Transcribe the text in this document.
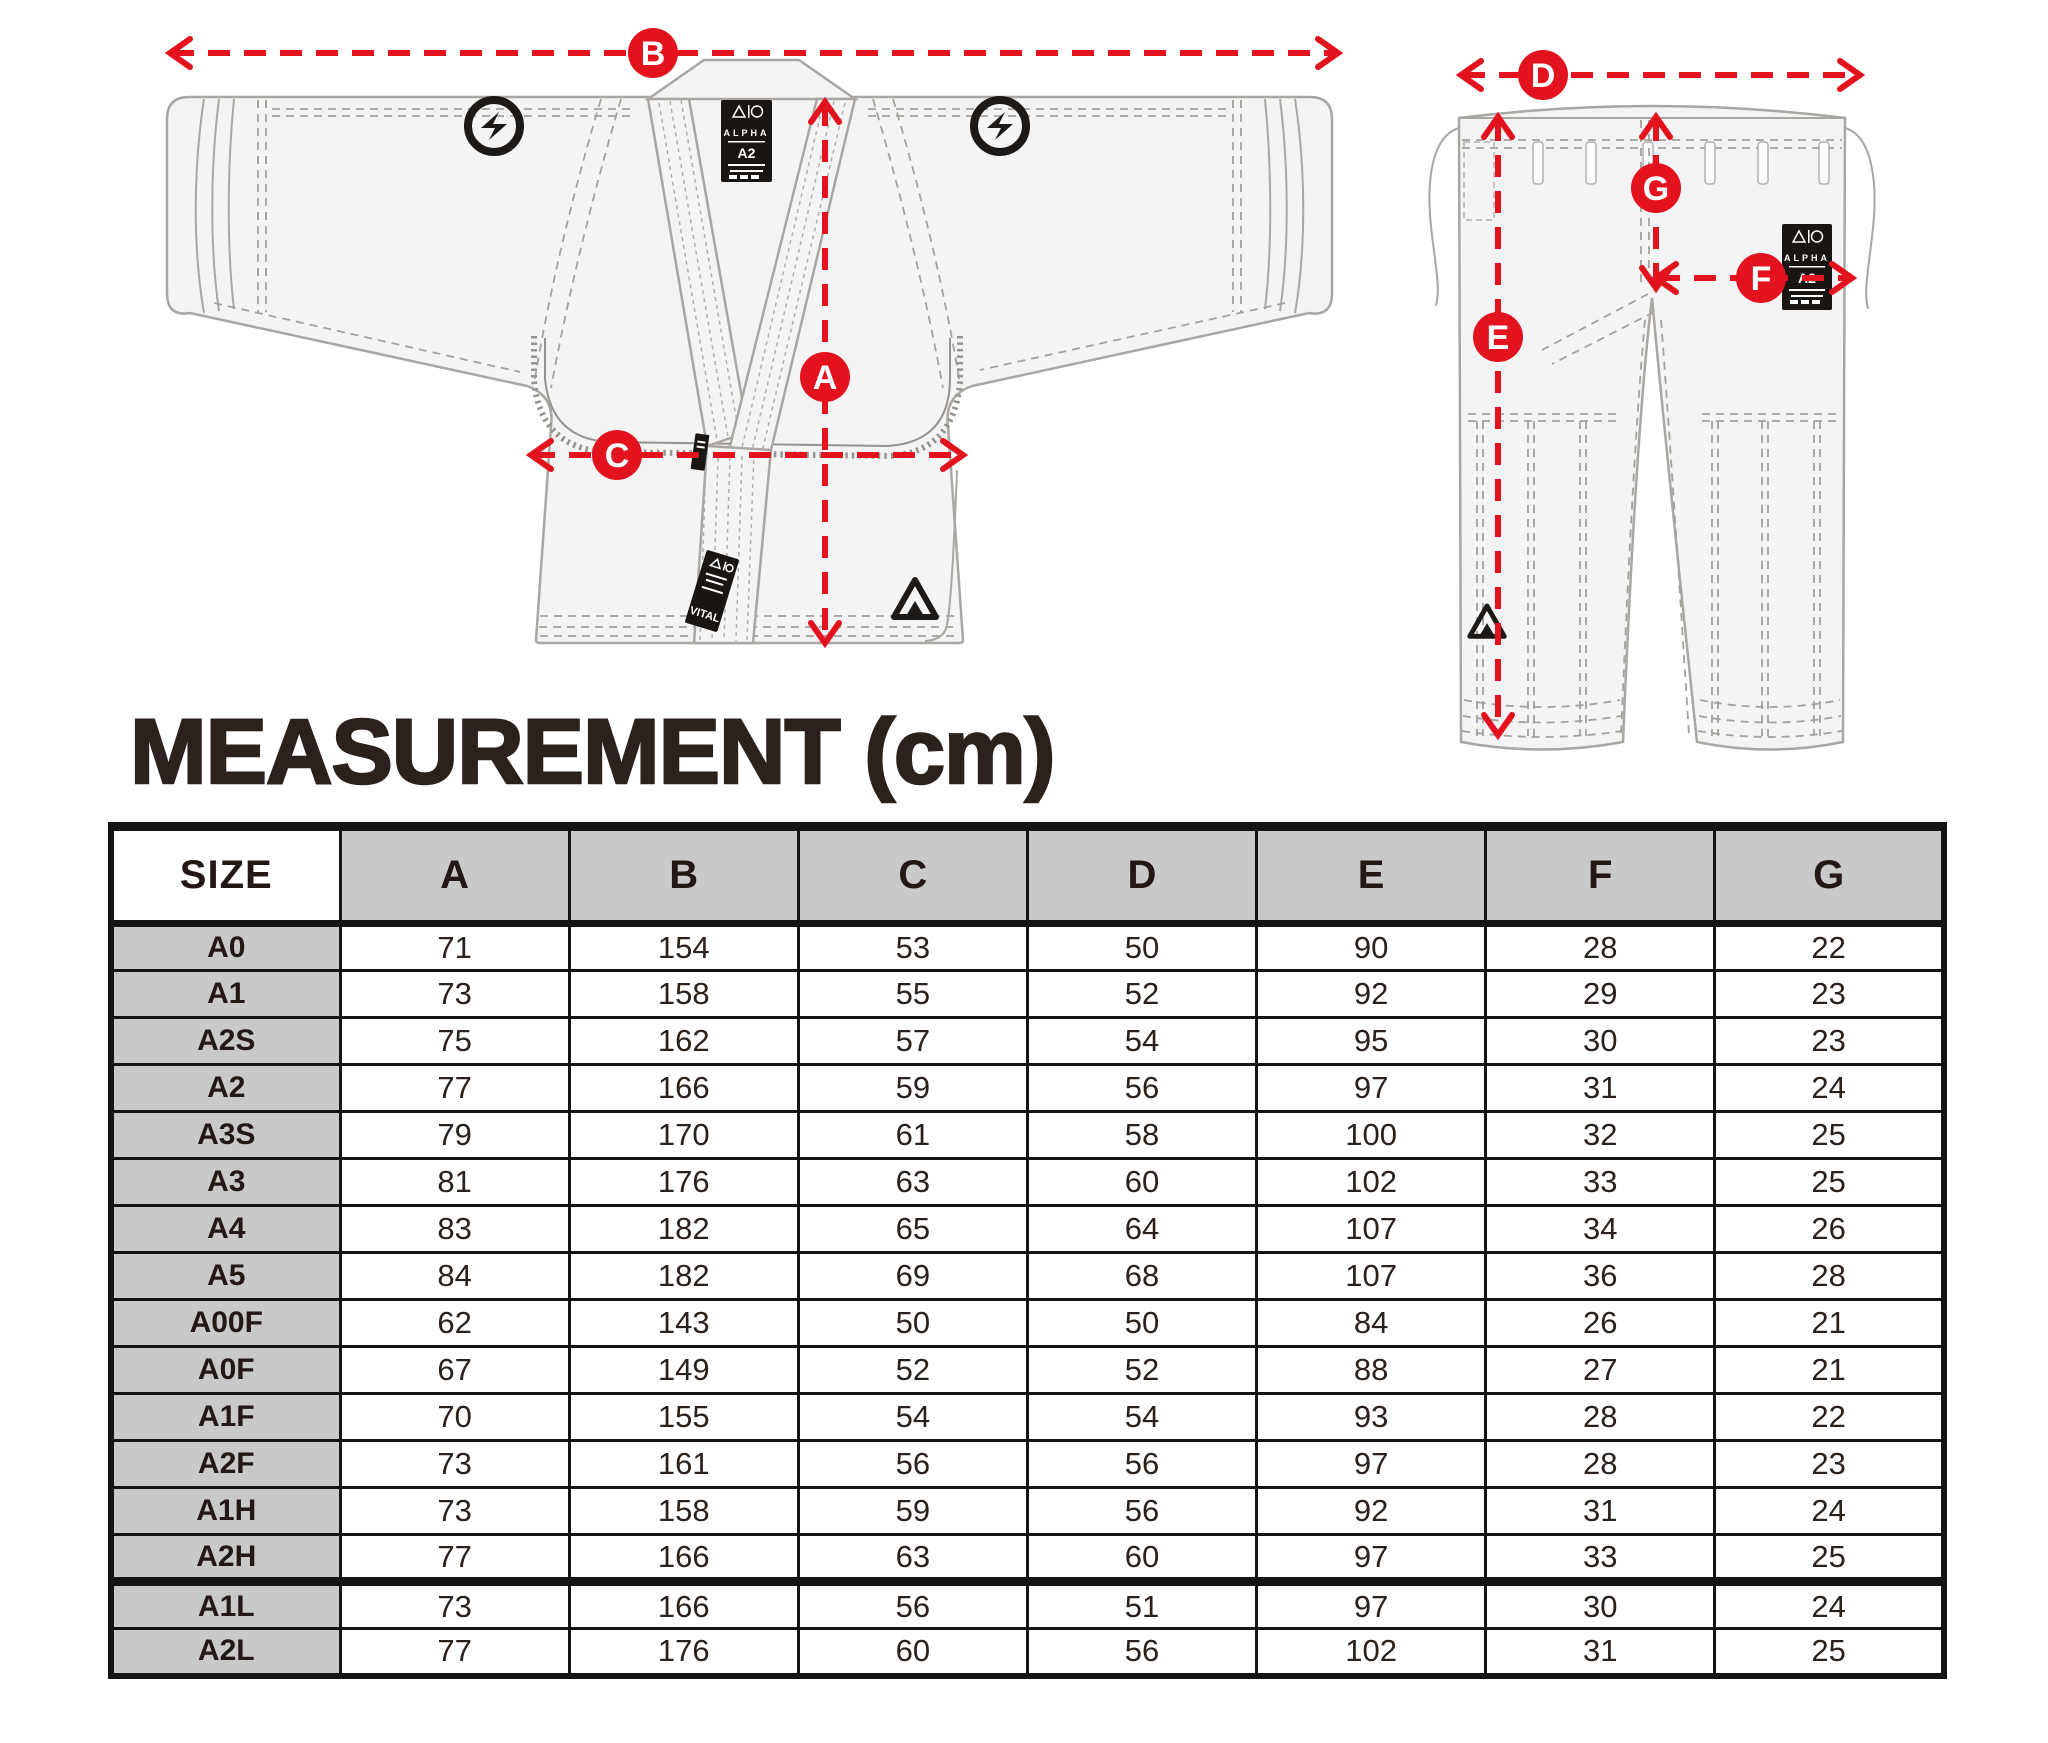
ALPHA
A2
VITAL
B
A
C
ALPHA
A2
D
G
F
E
MEASUREMENT (cm)
SIZE	A	B	C	D	E	F	G
A0	71	154	53	50	90	28	22
A1	73	158	55	52	92	29	23
A2S	75	162	57	54	95	30	23
A2	77	166	59	56	97	31	24
A3S	79	170	61	58	100	32	25
A3	81	176	63	60	102	33	25
A4	83	182	65	64	107	34	26
A5	84	182	69	68	107	36	28
A00F	62	143	50	50	84	26	21
A0F	67	149	52	52	88	27	21
A1F	70	155	54	54	93	28	22
A2F	73	161	56	56	97	28	23
A1H	73	158	59	56	92	31	24
A2H	77	166	63	60	97	33	25
A1L	73	166	56	51	97	30	24
A2L	77	176	60	56	102	31	25
